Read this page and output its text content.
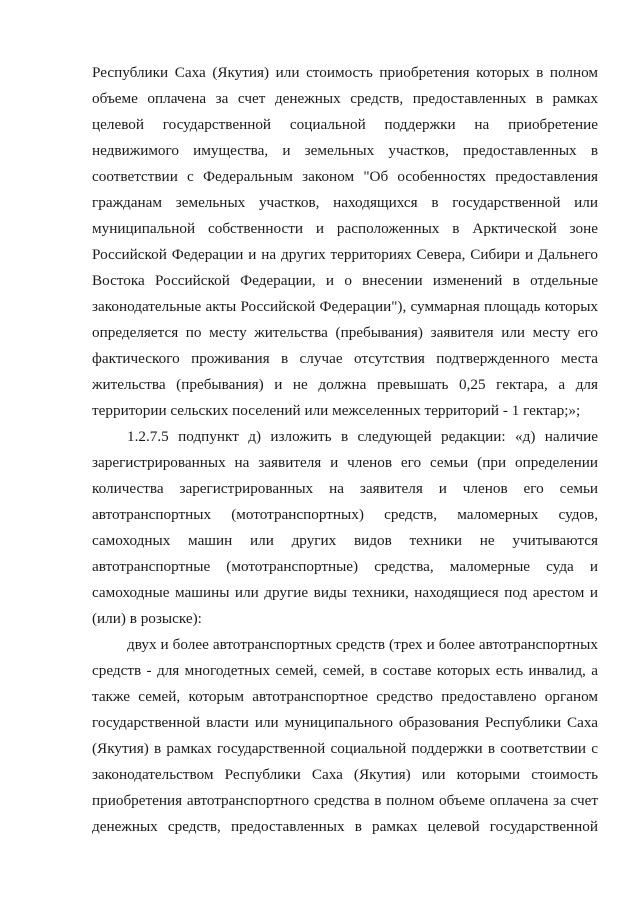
Республики Саха (Якутия) или стоимость приобретения которых в полном
объеме оплачена за счет денежных средств, предоставленных в рамках
целевой государственной социальной поддержки на приобретение
недвижимого имущества, и земельных участков, предоставленных в
соответствии с Федеральным законом "Об особенностях предоставления
гражданам земельных участков, находящихся в государственной или
муниципальной собственности и расположенных в Арктической зоне
Российской Федерации и на других территориях Севера, Сибири и Дальнего
Востока Российской Федерации, и о внесении изменений в отдельные
законодательные акты Российской Федерации"), суммарная площадь которых
определяется по месту жительства (пребывания) заявителя или месту его
фактического проживания в случае отсутствия подтвержденного места
жительства (пребывания) и не должна превышать 0,25 гектара, а для
территории сельских поселений или межселенных территорий - 1 гектар;»;
1.2.7.5 подпункт д) изложить в следующей редакции: «д) наличие
зарегистрированных на заявителя и членов его семьи (при определении
количества зарегистрированных на заявителя и членов его семьи
автотранспортных (мототранспортных) средств, маломерных судов,
самоходных машин или других видов техники не учитываются
автотранспортные (мототранспортные) средства, маломерные суда и
самоходные машины или другие виды техники, находящиеся под арестом и
(или) в розыске):
двух и более автотранспортных средств (трех и более автотранспортных
средств - для многодетных семей, семей, в составе которых есть инвалид, а
также семей, которым автотранспортное средство предоставлено органом
государственной власти или муниципального образования Республики Саха
(Якутия) в рамках государственной социальной поддержки в соответствии с
законодательством Республики Саха (Якутия) или которыми стоимость
приобретения автотранспортного средства в полном объеме оплачена за счет
денежных средств, предоставленных в рамках целевой государственной
